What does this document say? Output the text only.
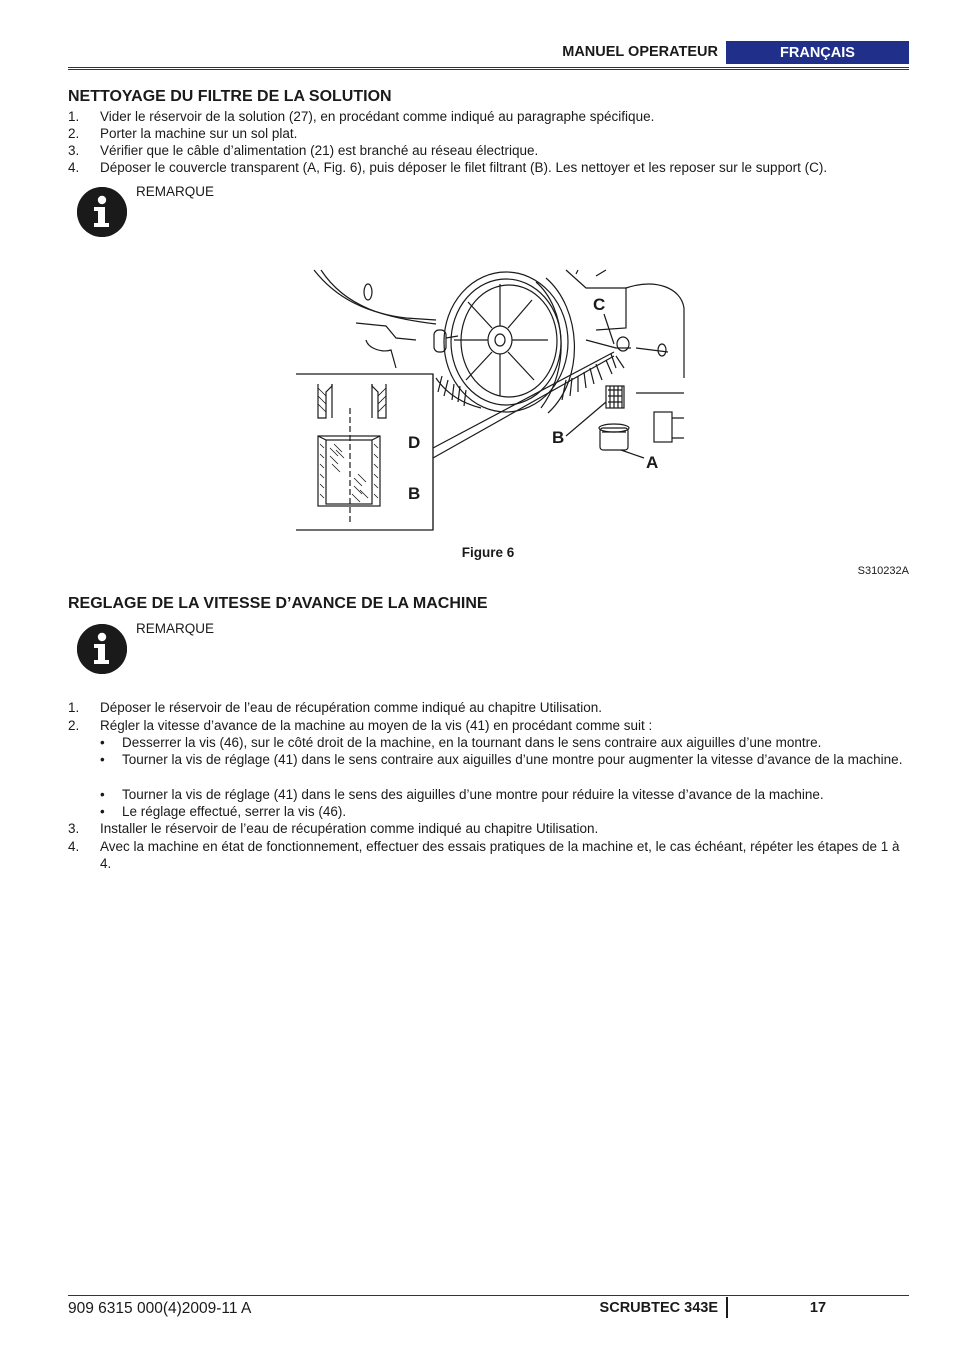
MANUEL OPERATEUR	FRANÇAIS
NETTOYAGE DU FILTRE DE LA SOLUTION
1. Vider le réservoir de la solution (27), en procédant comme indiqué au paragraphe spécifique.
2. Porter la machine sur un sol plat.
3. Vérifier que le câble d’alimentation (21) est branché au réseau électrique.
4. Déposer le couvercle transparent (A, Fig. 6), puis déposer le filet filtrant (B). Les nettoyer et les reposer sur le support (C).
REMARQUE
C
D
B
B
A
Figure 6
S310232A
REGLAGE DE LA VITESSE D’AVANCE DE LA MACHINE
REMARQUE
1. Déposer le réservoir de l’eau de récupération comme indiqué au chapitre Utilisation.
2. Régler la vitesse d’avance de la machine au moyen de la vis (41) en procédant comme suit :
• Desserrer la vis (46), sur le côté droit de la machine, en la tournant dans le sens contraire aux aiguilles d’une montre.
• Tourner la vis de réglage (41) dans le sens contraire aux aiguilles d’une montre pour augmenter la vitesse d’avance de la machine.
• Tourner la vis de réglage (41) dans le sens des aiguilles d’une montre pour réduire la vitesse d’avance de la machine.
• Le réglage effectué, serrer la vis (46).
3. Installer le réservoir de l’eau de récupération comme indiqué au chapitre Utilisation.
4. Avec la machine en état de fonctionnement, effectuer des essais pratiques de la machine et, le cas échéant, répéter les étapes de 1 à 4.
909 6315 000(4)2009-11 A	SCRUBTEC 343E	17
